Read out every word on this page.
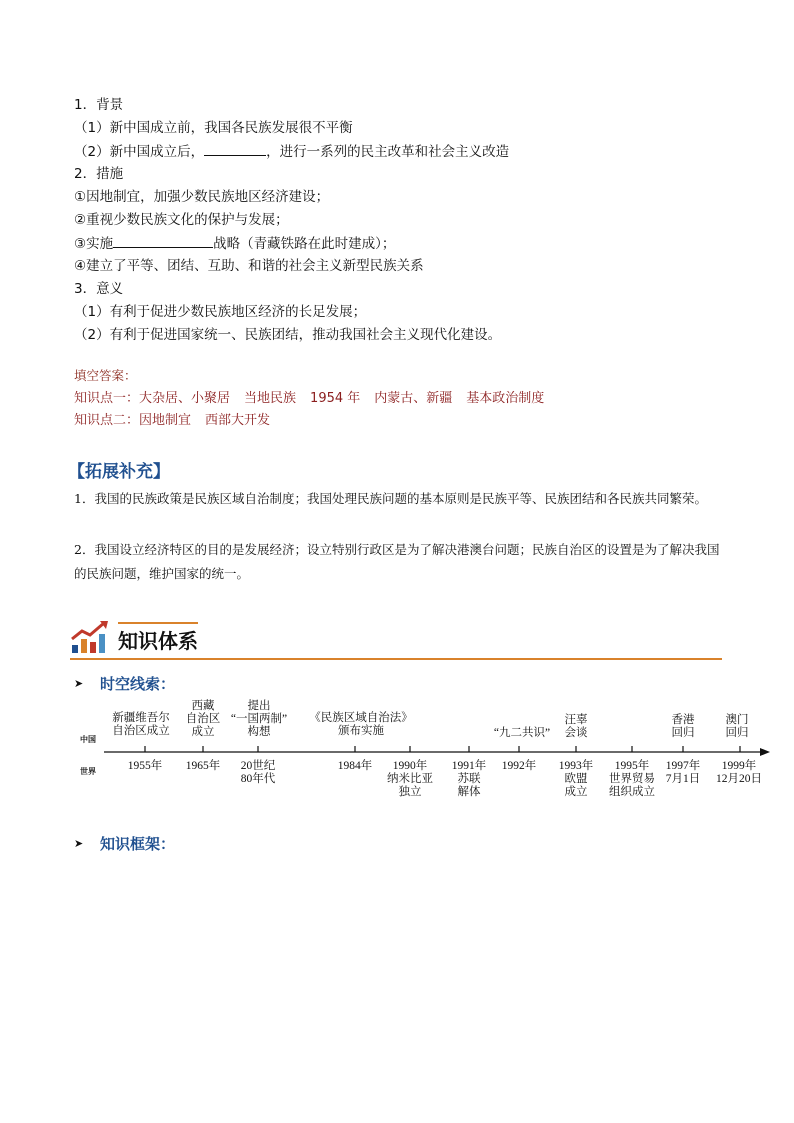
1．背景
（1）新中国成立前，我国各民族发展很不平衡
（2）新中国成立后，	，进行一系列的民主改革和社会主义改造
2．措施
①因地制宜，加强少数民族地区经济建设；
②重视少数民族文化的保护与发展；
③实施	战略（青藏铁路在此时建成）；
④建立了平等、团结、互助、和谐的社会主义新型民族关系
3．意义
（1）有利于促进少数民族地区经济的长足发展；
（2）有利于促进国家统一、民族团结，推动我国社会主义现代化建设。
填空答案：
知识点一：大杂居、小聚居 当地民族 1954 年 内蒙古、新疆 基本政治制度
知识点二：因地制宜 西部大开发
【拓展补充】
1．我国的民族政策是民族区域自治制度；我国处理民族问题的基本原则是民族平等、民族团结和各民族共同繁荣。
2．我国设立经济特区的目的是发展经济；设立特别行政区是为了解决港澳台问题；民族自治区的设置是为了解决我国的民族问题，维护国家的统一。
知识体系
➤ 时空线索：
中国
世界
新疆维吾尔
自治区成立
西藏
自治区
成立
提出
“一国两制”
构想
《民族区域自治法》
颁布实施	“九二共识”
汪辜
会谈
香港
回归
澳门
回归
1955年 1965年 20世纪
80年代
1984年	1990年
纳米比亚
独立
1991年
苏联
解体
1992年 1993年
欧盟
成立
1995年
世界贸易
组织成立
1997年
7月1日
1999年
12月20日
➤ 知识框架：
